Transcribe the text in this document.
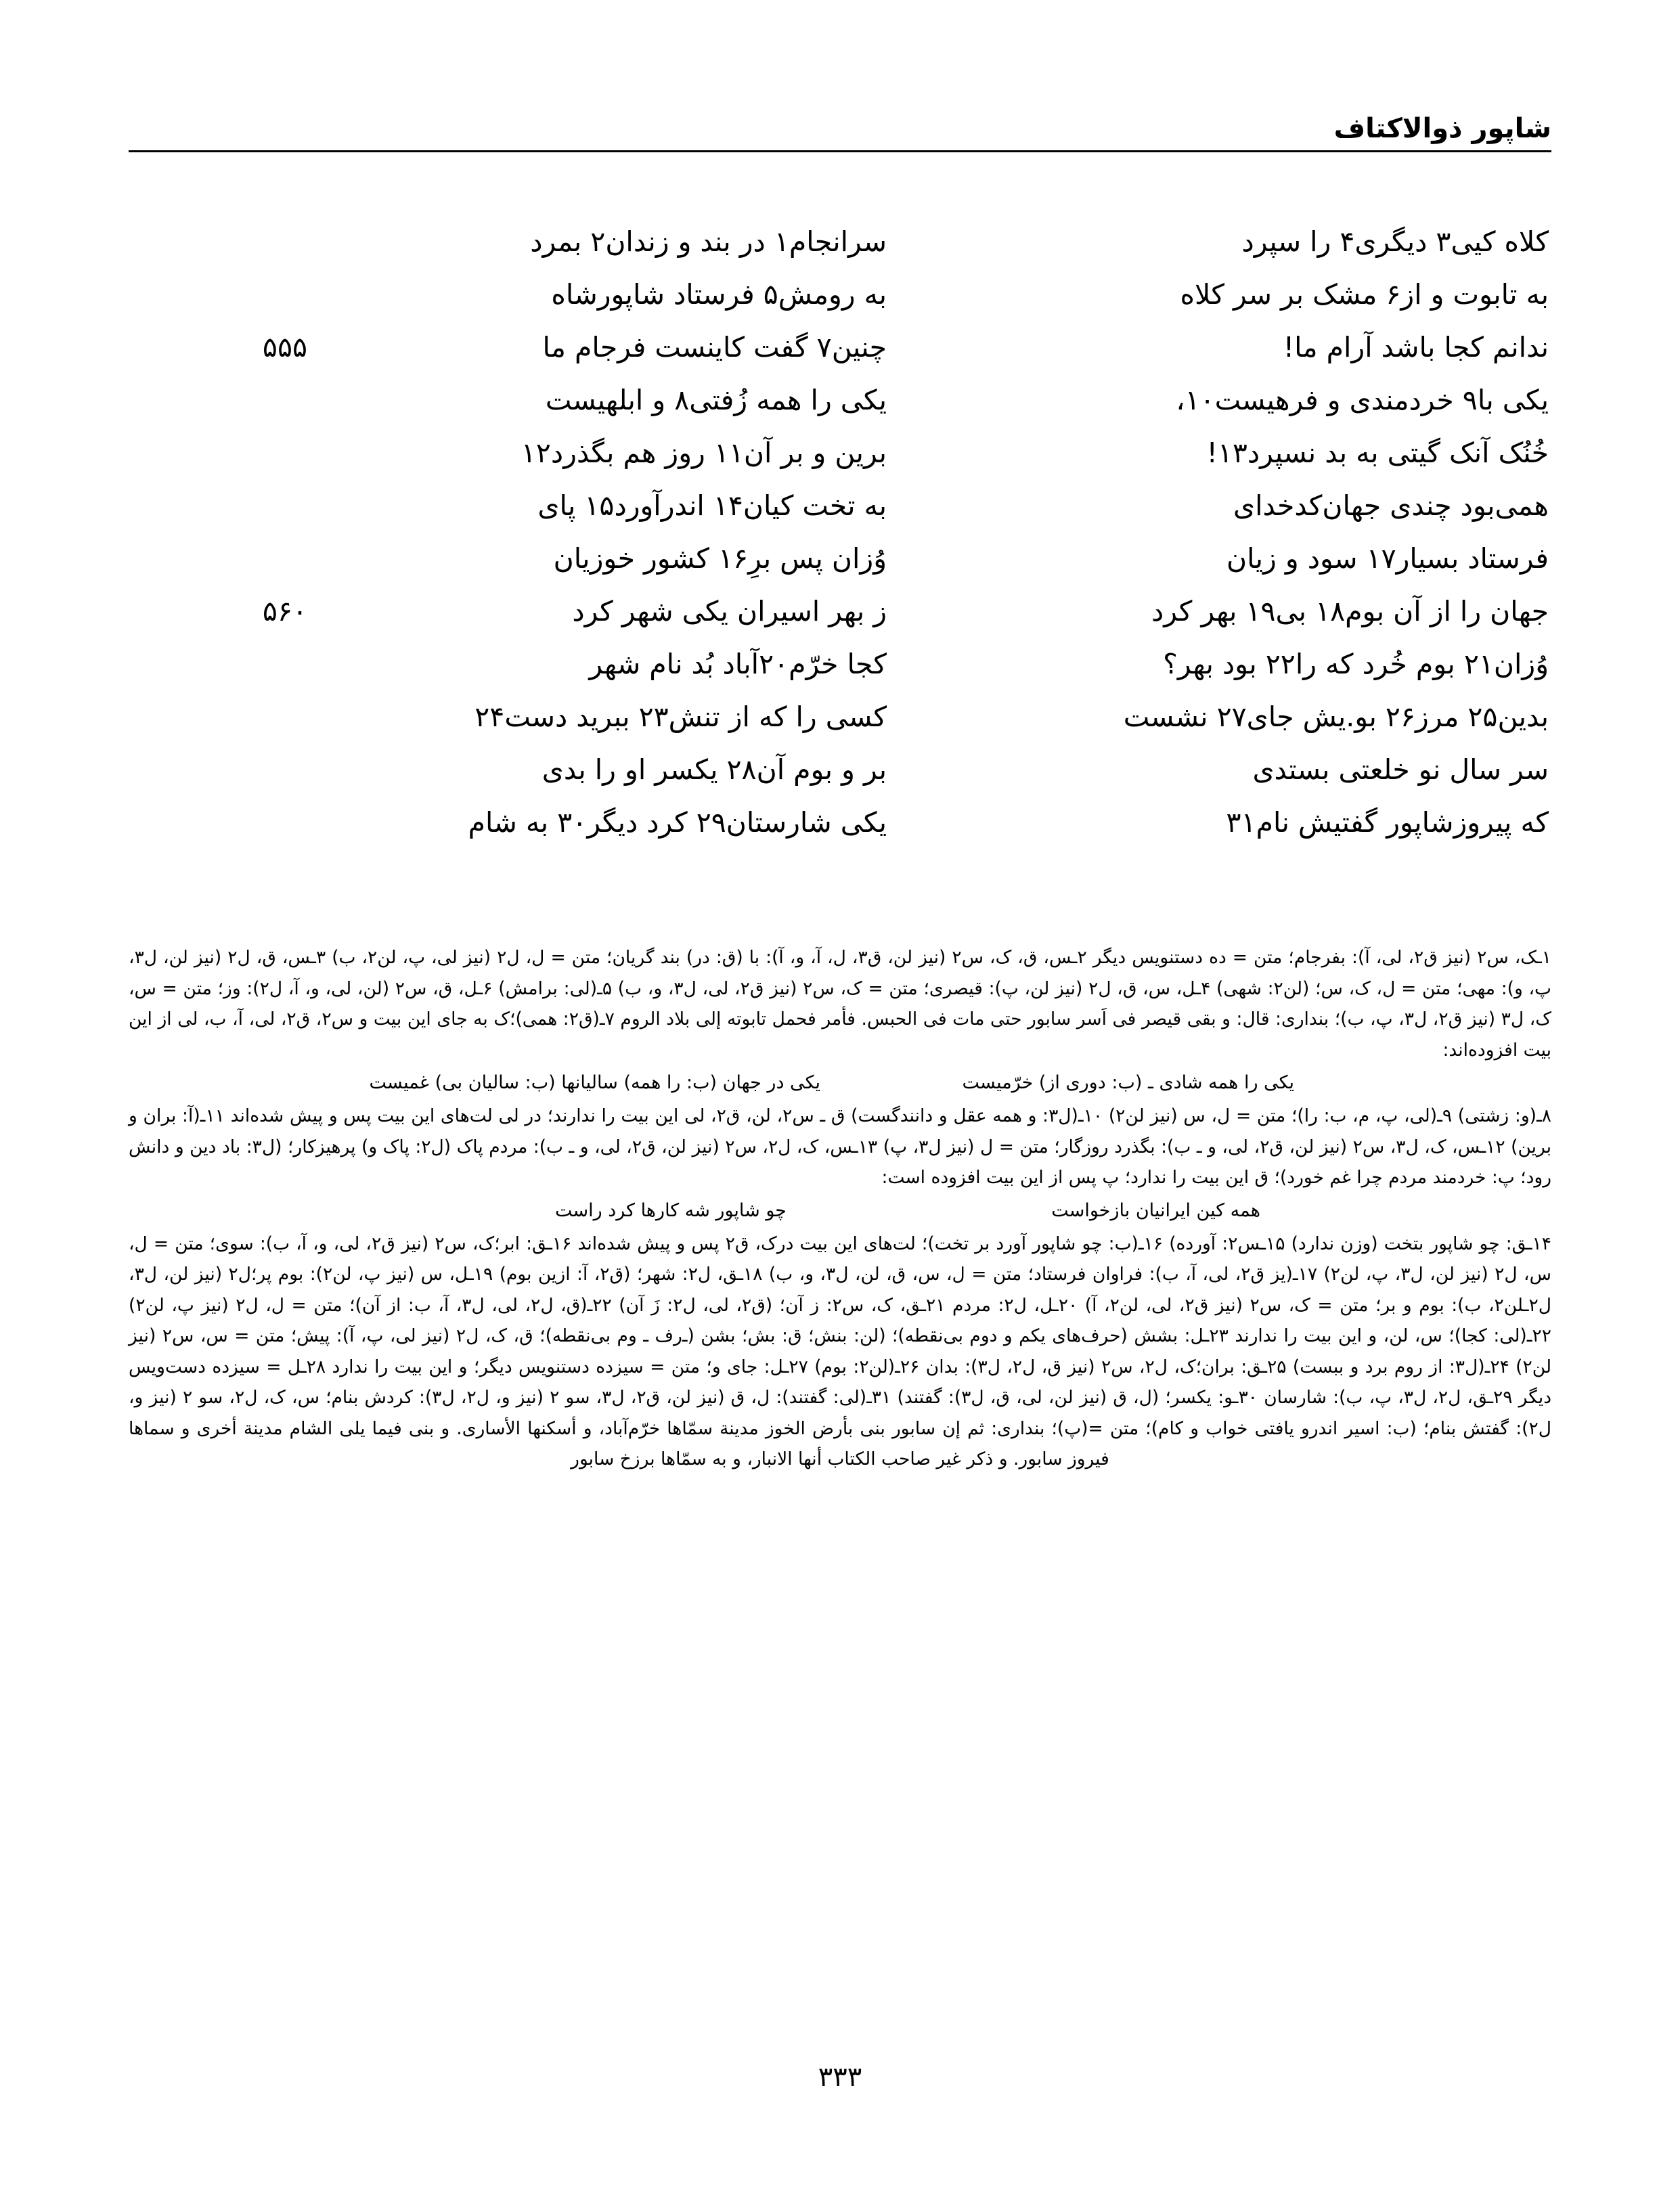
شاپور ذوالاکتاف
کلاه کیی۳ دیگری۴ را سپرد
سرانجام۱ در بند و زندان۲ بمرد
به تابوت و از۶ مشک بر سر کلاه
به رومش۵ فرستاد شاپورشاه
ندانم کجا باشد آرام ما!
چنین۷ گفت کاینست فرجام ما
۵۵۵
یکی با۹ خردمندی و فرهیست۱۰،
یکی را همه زُفتی۸ و ابلهیست
خُنُک آنک گیتی به بد نسپرد۱۳!
برین و بر آن۱۱ روز هم بگذرد۱۲
همی‌بود چندی جهان‌کدخدای
به تخت کیان۱۴ اندرآورد۱۵ پای
فرستاد بسیار۱۷ سود و زیان
وُزان پس برِ۱۶ کشور خوزیان
جهان را از آن بوم۱۸ بی۱۹ بهر کرد
ز بهر اسیران یکی شهر کرد
۵۶۰
وُزان۲۱ بوم خُرد که را۲۲ بود بهر؟
کجا خرّم۲۰آباد بُد نام شهر
بدین۲۵ مرز۲۶ بو.یش جای۲۷ نشست
کسی را که از تنش۲۳ ببرید دست۲۴
سر سال نو خلعتی بستدی
بر و بوم آن۲۸ یکسر او را بدی
که پیروزشاپور گفتیش نام۳۱
یکی شارستان۲۹ کرد دیگر۳۰ به شام

۱ـک، س۲ (نیز ق۲، لی، آ): بفرجام؛ متن = ده دستنویس دیگر ۲ـس، ق، ک، س۲ (نیز لن، ق۳، ل، آ، و، آ): با (ق: در) بند گریان؛ متن = ل، ل۲ (نیز لی، پ، لن۲، ب) ۳ـس، ق، ل۲ (نیز لن، ل۳، پ، و): مهی؛ متن = ل، ک، س؛ (لن۲: شهی) ۴ـل، س، ق، ل۲ (نیز لن، پ): قیصری؛ متن = ک، س۲ (نیز ق۲، لی، ل۳، و، ب) ۵ـ(لی: برامش) ۶ـل، ق، س۲ (لن، لی، و، آ، ل۲): وز؛ متن = س، ک، ل۳ (نیز ق۲، ل۳، پ، ب)؛ بنداری: قال: و بقی قیصر فی اَسر سابور حتی مات فی الحبس. فأمر فحمل تابوته إلی بلاد الروم ۷ـ(ق۲: همی)؛ک به جای این بیت و س۲، ق۲، لی، آ، ب، لی از این بیت افزوده‌اند:

یکی را همه شادی ـ (ب: دوری از) خرّمیست
یکی در جهان (ب: را همه) سالیانها (ب: سالیان بی) غمیست

۸ـ(و: زشتی) ۹ـ(لی، پ، م، ب: را)؛ متن = ل، س (نیز لن۲) ۱۰ـ(ل۳: و همه عقل و دانندگست) ق ـ س۲، لن، ق۲، لی این بیت را ندارند؛ در لی لت‌های این بیت پس و پیش شده‌اند ۱۱ـ(آ: بران و برین) ۱۲ـس، ک، ل۳، س۲ (نیز لن، ق۲، لی، و ـ ب): بگذرد روزگار؛ متن = ل (نیز ل۳، پ) ۱۳ـس، ک، ل۲، س۲ (نیز لن، ق۲، لی، و ـ ب): مردم پاک (ل۲: پاک و) پرهیزکار؛ (ل۳: باد دین و دانش رود؛ پ: خردمند مردم چرا غم خورد)؛ ق این بیت را ندارد؛ پ پس از این بیت افزوده است:

همه کین ایرانیان بازخواست
چو شاپور شه کارها کرد راست

۱۴ـق: چو شاپور بتخت (وزن ندارد) ۱۵ـس۲: آورده) ۱۶ـ(ب: چو شاپور آورد بر تخت)؛ لت‌های این بیت درک، ق۲ پس و پیش شده‌اند ۱۶ـق: ابر؛ک، س۲ (نیز ق۲، لی، و، آ، ب): سوی؛ متن = ل، س، ل۲ (نیز لن، ل۳، پ، لن۲) ۱۷ـ(یز ق۲، لی، آ، ب): فراوان فرستاد؛ متن = ل، س، ق، لن، ل۳، و، ب) ۱۸ـق، ل۲: شهر؛ (ق۲، آ: ازین بوم) ۱۹ـل، س (نیز پ، لن۲): بوم پر؛ل۲ (نیز لن، ل۳، ل۲ـلن۲، ب): بوم و بر؛ متن = ک، س۲ (نیز ق۲، لی، لن۲، آ) ۲۰ـل، ل۲: مردم ۲۱ـق، ک، س۲: ز آن؛ (ق۲، لی، ل۲: زَ آن) ۲۲ـ(ق، ل۲، لی، ل۳، آ، ب: از آن)؛ متن = ل، ل۲ (نیز پ، لن۲) ۲۲ـ(لی: کجا)؛ س، لن، و این بیت را ندارند ۲۳ـل: بشش (حرف‌های یکم و دوم بی‌نقطه)؛ (لن: بنش؛ ق: بش؛ بشن (ـ‌رف ـ وم بی‌نقطه)؛ ق، ک، ل۲ (نیز لی، پ، آ): پیش؛ متن = س، س۲ (نیز لن۲) ۲۴ـ(ل۳: از روم برد و ببست) ۲۵ـق: بران؛ک، ل۲، س۲ (نیز ق، ل۲، ل۳): بدان ۲۶ـ(لن۲: بوم) ۲۷ـل: جای و؛ متن = سیزده دستنویس دیگر؛ و این بیت را ندارد ۲۸ـل = سیزده دست‌ویس دیگر ۲۹ـق، ل۲، ل۳، پ، ب): شارسان ۳۰ـو: یکسر؛ (ل، ق (نیز لن، لی، ق، ل۳): گفتند) ۳۱ـ(لی: گفتند): ل، ق (نیز لن، ق۲، ل۳، سو ۲ (نیز و، ل۲، ل۳): کردش بنام؛ س، ک، ل۲، سو ۲ (نیز و، ل۲): گفتش بنام؛ (ب: اسیر اندرو یافتی خواب و کام)؛ متن =(پ)؛ بنداری: ثم إن سابور بنی بأرض الخوز مدینة سمّاها خرّم‌آباد، و أسکنها الأساری. و بنی فیما یلی الشام مدینة أخری و سماها فیروز سابور. و ذکر غیر صاحب الکتاب أنها الانبار، و به سمّاها برزخ سابور

۳۳۳
